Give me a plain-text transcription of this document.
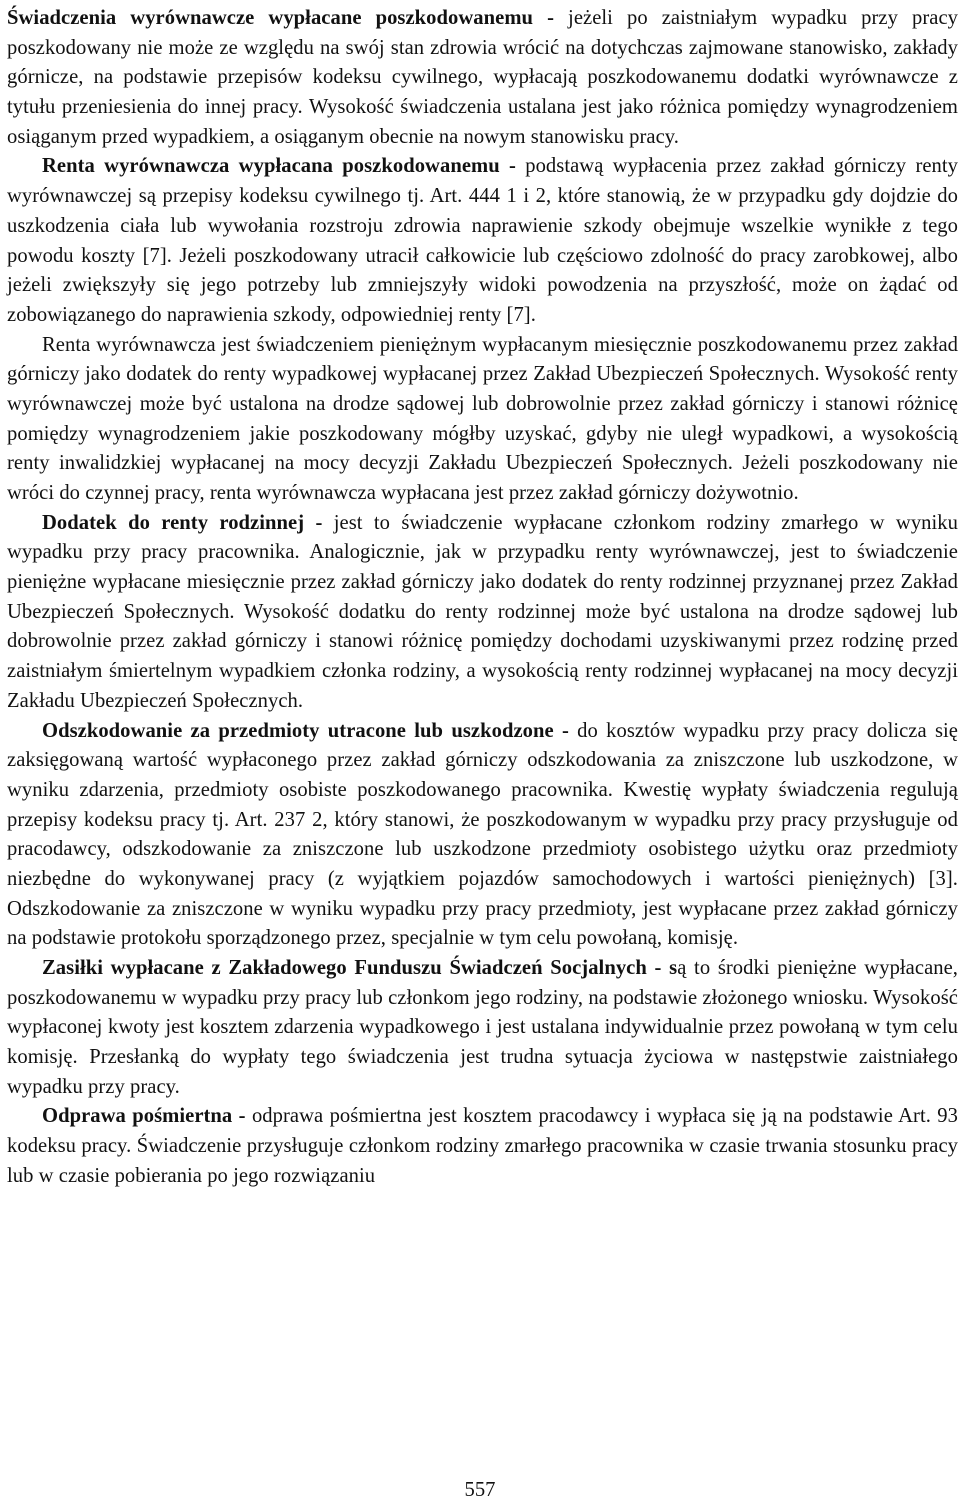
Świadczenia wyrównawcze wypłacane poszkodowanemu - jeżeli po zaistniałym wypadku przy pracy poszkodowany nie może ze względu na swój stan zdrowia wrócić na dotychczas zajmowane stanowisko, zakłady górnicze, na podstawie przepisów kodeksu cywilnego, wypłacają poszkodowanemu dodatki wyrównawcze z tytułu przeniesienia do innej pracy. Wysokość świadczenia ustalana jest jako różnica pomiędzy wynagrodzeniem osiąganym przed wypadkiem, a osiąganym obecnie na nowym stanowisku pracy.

Renta wyrównawcza wypłacana poszkodowanemu - podstawą wypłacenia przez zakład górniczy renty wyrównawczej są przepisy kodeksu cywilnego tj. Art. 444 1 i 2, które stanowią, że w przypadku gdy dojdzie do uszkodzenia ciała lub wywołania rozstroju zdrowia naprawienie szkody obejmuje wszelkie wynikłe z tego powodu koszty [7]. Jeżeli poszkodowany utracił całkowicie lub częściowo zdolność do pracy zarobkowej, albo jeżeli zwiększyły się jego potrzeby lub zmniejszyły widoki powodzenia na przyszłość, może on żądać od zobowiązanego do naprawienia szkody, odpowiedniej renty [7].

Renta wyrównawcza jest świadczeniem pieniężnym wypłacanym miesięcznie poszkodowanemu przez zakład górniczy jako dodatek do renty wypadkowej wypłacanej przez Zakład Ubezpieczeń Społecznych. Wysokość renty wyrównawczej może być ustalona na drodze sądowej lub dobrowolnie przez zakład górniczy i stanowi różnicę pomiędzy wynagrodzeniem jakie poszkodowany mógłby uzyskać, gdyby nie uległ wypadkowi, a wysokością renty inwalidzkiej wypłacanej na mocy decyzji Zakładu Ubezpieczeń Społecznych. Jeżeli poszkodowany nie wróci do czynnej pracy, renta wyrównawcza wypłacana jest przez zakład górniczy dożywotnio.

Dodatek do renty rodzinnej - jest to świadczenie wypłacane członkom rodziny zmarłego w wyniku wypadku przy pracy pracownika. Analogicznie, jak w przypadku renty wyrównawczej, jest to świadczenie pieniężne wypłacane miesięcznie przez zakład górniczy jako dodatek do renty rodzinnej przyznanej przez Zakład Ubezpieczeń Społecznych. Wysokość dodatku do renty rodzinnej może być ustalona na drodze sądowej lub dobrowolnie przez zakład górniczy i stanowi różnicę pomiędzy dochodami uzyskiwanymi przez rodzinę przed zaistniałym śmiertelnym wypadkiem członka rodziny, a wysokością renty rodzinnej wypłacanej na mocy decyzji Zakładu Ubezpieczeń Społecznych.

Odszkodowanie za przedmioty utracone lub uszkodzone - do kosztów wypadku przy pracy dolicza się zaksięgowaną wartość wypłaconego przez zakład górniczy odszkodowania za zniszczone lub uszkodzone, w wyniku zdarzenia, przedmioty osobiste poszkodowanego pracownika. Kwestię wypłaty świadczenia regulują przepisy kodeksu pracy tj. Art. 237 2, który stanowi, że poszkodowanym w wypadku przy pracy przysługuje od pracodawcy, odszkodowanie za zniszczone lub uszkodzone przedmioty osobistego użytku oraz przedmioty niezbędne do wykonywanej pracy (z wyjątkiem pojazdów samochodowych i wartości pieniężnych) [3]. Odszkodowanie za zniszczone w wyniku wypadku przy pracy przedmioty, jest wypłacane przez zakład górniczy na podstawie protokołu sporządzonego przez, specjalnie w tym celu powołaną, komisję.

Zasiłki wypłacane z Zakładowego Funduszu Świadczeń Socjalnych - są to środki pieniężne wypłacane, poszkodowanemu w wypadku przy pracy lub członkom jego rodziny, na podstawie złożonego wniosku. Wysokość wypłaconej kwoty jest kosztem zdarzenia wypadkowego i jest ustalana indywidualnie przez powołaną w tym celu komisję. Przesłanką do wypłaty tego świadczenia jest trudna sytuacja życiowa w następstwie zaistniałego wypadku przy pracy.

Odprawa pośmiertna - odprawa pośmiertna jest kosztem pracodawcy i wypłaca się ją na podstawie Art. 93 kodeksu pracy. Świadczenie przysługuje członkom rodziny zmarłego pracownika w czasie trwania stosunku pracy lub w czasie pobierania po jego rozwiązaniu

557
